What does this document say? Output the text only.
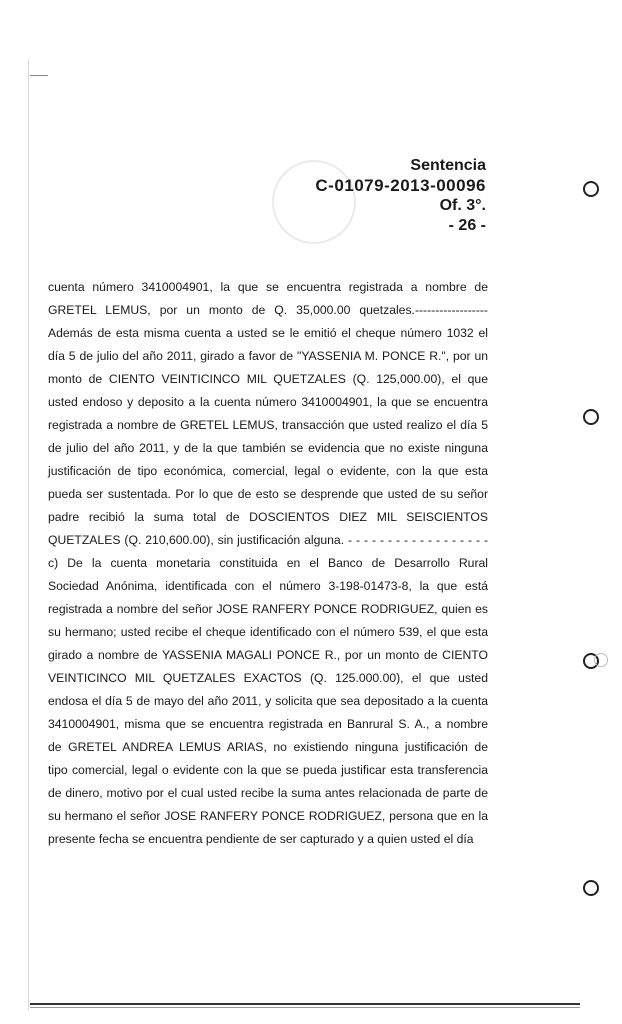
Sentencia
C-01079-2013-00096
Of. 3°.
- 26 -

cuenta número 3410004901, la que se encuentra registrada a nombre de

GRETEL LEMUS, por un monto de Q. 35,000.00 quetzales.------------------

Además de esta misma cuenta a usted se le emitió el cheque número 1032 el

día 5 de julio del año 2011, girado a favor de "YASSENIA M. PONCE R.", por un

monto de CIENTO VEINTICINCO MIL QUETZALES (Q. 125,000.00), el que

usted endoso y deposito a la cuenta número 3410004901, la que se encuentra

registrada a nombre de GRETEL LEMUS, transacción que usted realizo el día 5

de julio del año 2011, y de la que también se evidencia que no existe ninguna

justificación de tipo económica, comercial, legal o evidente, con la que esta

pueda ser sustentada. Por lo que de esto se desprende que usted de su señor

padre recibió la suma total de DOSCIENTOS DIEZ MIL SEISCIENTOS

QUETZALES (Q. 210,600.00), sin justificación alguna. - - - - - - - - - - - - - - - - - -

c) De la cuenta monetaria constituida en el Banco de Desarrollo Rural

Sociedad Anónima, identificada con el número 3-198-01473-8, la que está

registrada a nombre del señor JOSE RANFERY PONCE RODRIGUEZ, quien es

su hermano; usted recibe el cheque identificado con el número 539, el que esta

girado a nombre de YASSENIA MAGALI PONCE R., por un monto de CIENTO

VEINTICINCO MIL QUETZALES EXACTOS (Q. 125.000.00), el que usted

endosa el día 5 de mayo del año 2011, y solicita que sea depositado a la cuenta

3410004901, misma que se encuentra registrada en Banrural S. A., a nombre

de GRETEL ANDREA LEMUS ARIAS, no existiendo ninguna justificación de

tipo comercial, legal o evidente con la que se pueda justificar esta transferencia

de dinero, motivo por el cual usted recibe la suma antes relacionada de parte de

su hermano el señor JOSE RANFERY PONCE RODRIGUEZ, persona que en la

presente fecha se encuentra pendiente de ser capturado y a quien usted el día
